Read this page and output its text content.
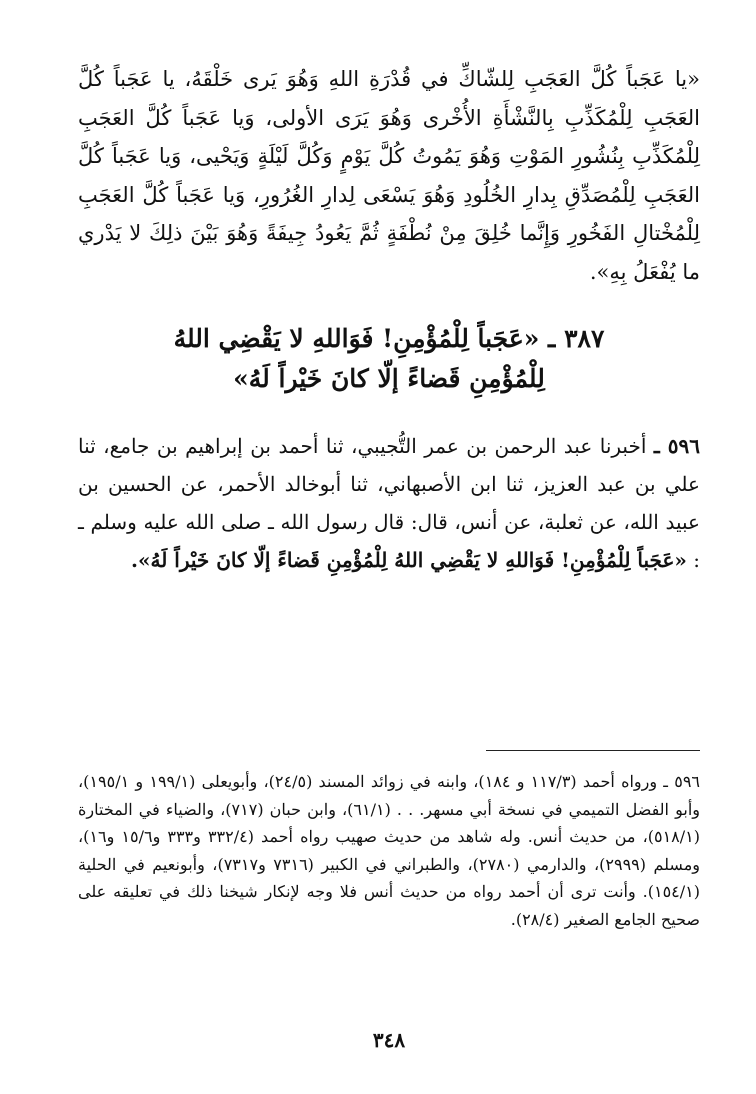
«يا عَجَباً كُلَّ العَجَبِ لِلشّاكِّ في قُدْرَةِ اللهِ وَهُوَ يَرى خَلْقَهُ، يا عَجَباً كُلَّ العَجَبِ لِلْمُكَذِّبِ بِالنَّشْأَةِ الأُخْرى وَهُوَ يَرَى الأولى، وَيا عَجَباً كُلَّ العَجَبِ لِلْمُكَذِّبِ بِنُشُورِ المَوْتِ وَهُوَ يَمُوتُ كُلَّ يَوْمٍ وَكُلَّ لَيْلَةٍ وَيَحْيى، وَيا عَجَباً كُلَّ العَجَبِ لِلْمُصَدِّقِ بِدارِ الخُلُودِ وَهُوَ يَسْعَى لِدارِ الغُرُورِ، وَيا عَجَباً كُلَّ العَجَبِ لِلْمُخْتالِ الفَخُورِ وَإِنَّما خُلِقَ مِنْ نُطْفَةٍ ثُمَّ يَعُودُ جِيفَةً وَهُوَ بَيْنَ ذلِكَ لا يَدْري ما يُفْعَلُ بِهِ».

٣٨٧ ـ «عَجَباً لِلْمُؤْمِنِ! فَوَاللهِ لا يَقْضِي اللهُ
لِلْمُؤْمِنِ قَضاءً إلّا كانَ خَيْراً لَهُ»

٥٩٦ ـ أخبرنا عبد الرحمن بن عمر التُّجيبي، ثنا أحمد بن إبراهيم بن جامع، ثنا علي بن عبد العزيز، ثنا ابن الأصبهاني، ثنا أبوخالد الأحمر، عن الحسين بن عبيد الله، عن ثعلبة، عن أنس، قال: قال رسول الله ـ صلى الله عليه وسلم ـ : «عَجَباً لِلْمُؤْمِنِ! فَوَاللهِ لا يَقْضِي اللهُ لِلْمُؤْمِنِ قَضاءً إلّا كانَ خَيْراً لَهُ».

٥٩٦ ـ ورواه أحمد (١١٧/٣ و ١٨٤)، وابنه في زوائد المسند (٢٤/٥)، وأبويعلى (١٩٩/١ و ١٩٥/١)، وأبو الفضل التميمي في نسخة أبي مسهر. . . (٦١/١)، وابن حبان (٧١٧)، والضياء في المختارة (٥١٨/١)، من حديث أنس. وله شاهد من حديث صهيب رواه أحمد (٣٣٢/٤ و٣٣٣ و١٥/٦ و١٦)، ومسلم (٢٩٩٩)، والدارمي (٢٧٨٠)، والطبراني في الكبير (٧٣١٦ و٧٣١٧)، وأبونعيم في الحلية (١٥٤/١). وأنت ترى أن أحمد رواه من حديث أنس فلا وجه لإنكار شيخنا ذلك في تعليقه على صحيح الجامع الصغير (٢٨/٤).

٣٤٨
